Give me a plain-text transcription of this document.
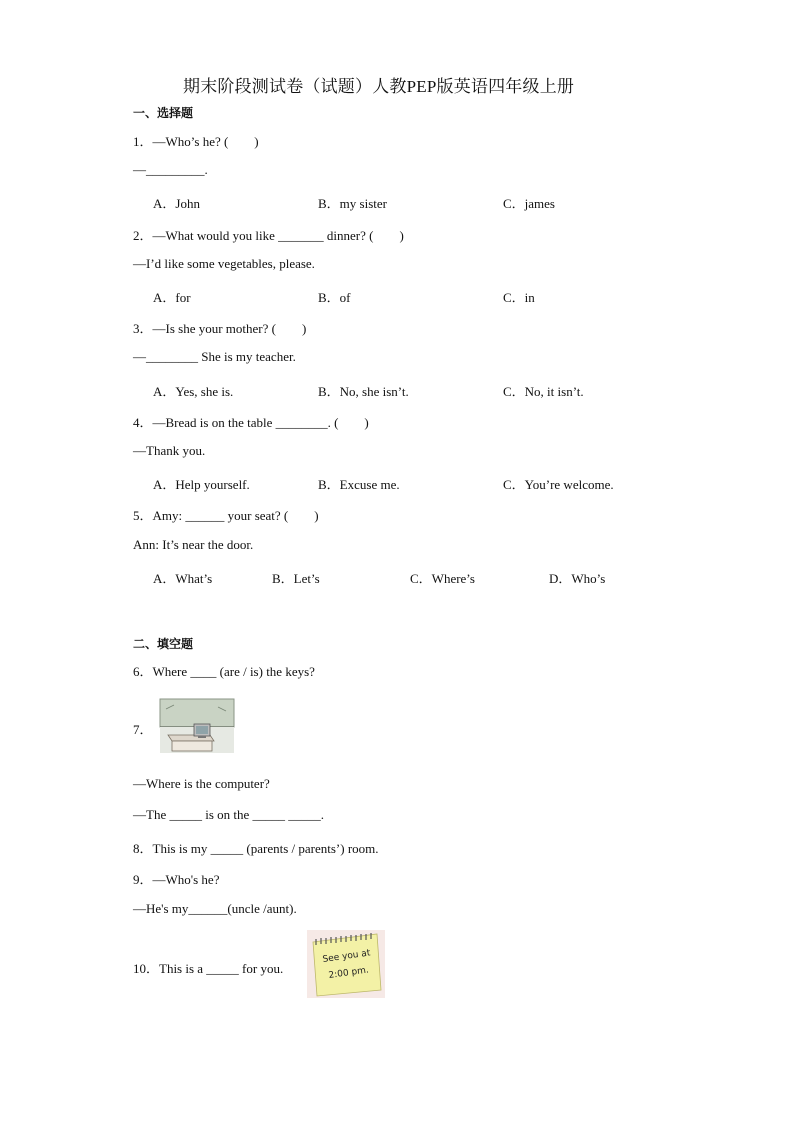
期末阶段测试卷（试题）人教PEP版英语四年级上册
一、选择题
1．—Who’s he? (　　)
—_________.
A．John	B．my sister	C．james
2．—What would you like _______ dinner? (　　)
—I’d like some vegetables, please.
A．for	B．of	C．in
3．—Is she your mother? (　　)
—________ She is my teacher.
A．Yes, she is.	B．No, she isn’t.	C．No, it isn’t.
4．—Bread is on the table ________. (　　)
—Thank you.
A．Help yourself.	B．Excuse me.	C．You’re welcome.
5．Amy: ______ your seat? (　　)
Ann: It’s near the door.
A．What’s	B．Let’s	C．Where’s	D．Who’s
二、填空题
6．Where ____ (are / is) the keys?
7．
—Where is the computer?
—The _____ is on the _____ _____.
8．This is my _____ (parents / parents’) room.
9．—Who's he?
—He's my______(uncle /aunt).
10．This is a _____ for you.
See you at
2:00 pm.
